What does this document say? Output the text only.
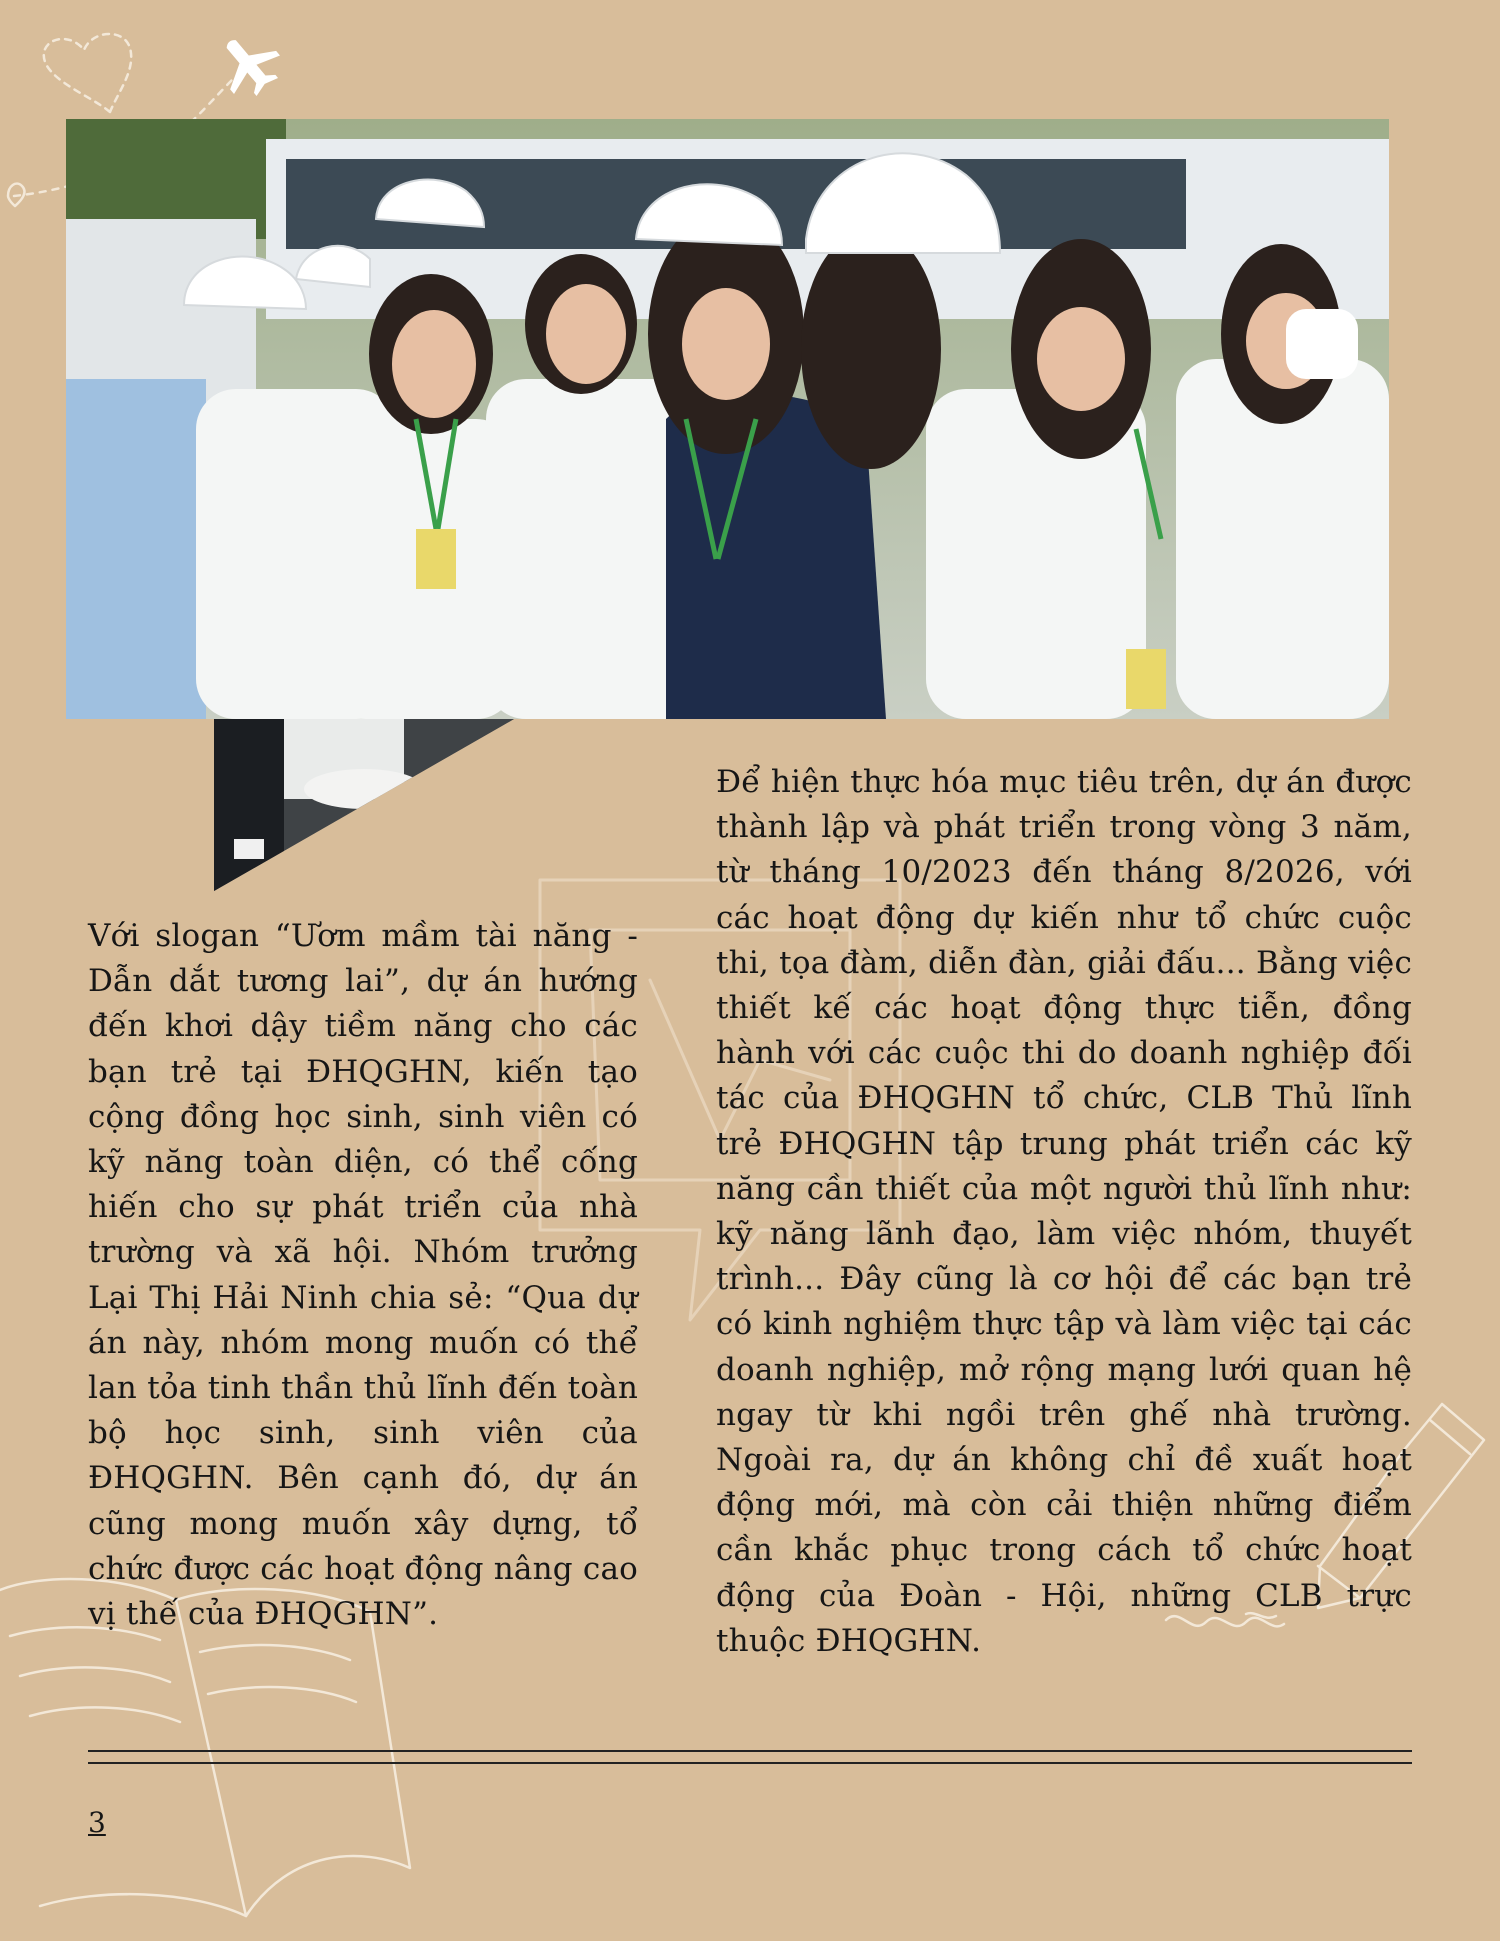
Với slogan “Ươm mầm tài năng - Dẫn dắt tương lai”, dự án hướng đến khơi dậy tiềm năng cho các bạn trẻ tại ĐHQGHN, kiến tạo cộng đồng học sinh, sinh viên có kỹ năng toàn diện, có thể cống hiến cho sự phát triển của nhà trường và xã hội. Nhóm trưởng Lại Thị Hải Ninh chia sẻ: “Qua dự án này, nhóm mong muốn có thể lan tỏa tinh thần thủ lĩnh đến toàn bộ học sinh, sinh viên của ĐHQGHN. Bên cạnh đó, dự án cũng mong muốn xây dựng, tổ chức được các hoạt động nâng cao vị thế của ĐHQGHN”.

Để hiện thực hóa mục tiêu trên, dự án được thành lập và phát triển trong vòng 3 năm, từ tháng 10/2023 đến tháng 8/2026, với các hoạt động dự kiến như tổ chức cuộc thi, tọa đàm, diễn đàn, giải đấu... Bằng việc thiết kế các hoạt động thực tiễn, đồng hành với các cuộc thi do doanh nghiệp đối tác của ĐHQGHN tổ chức, CLB Thủ lĩnh trẻ ĐHQGHN tập trung phát triển các kỹ năng cần thiết của một người thủ lĩnh như: kỹ năng lãnh đạo, làm việc nhóm, thuyết trình... Đây cũng là cơ hội để các bạn trẻ có kinh nghiệm thực tập và làm việc tại các doanh nghiệp, mở rộng mạng lưới quan hệ ngay từ khi ngồi trên ghế nhà trường. Ngoài ra, dự án không chỉ đề xuất hoạt động mới, mà còn cải thiện những điểm cần khắc phục trong cách tổ chức hoạt động của Đoàn - Hội, những CLB trực thuộc ĐHQGHN.

3
